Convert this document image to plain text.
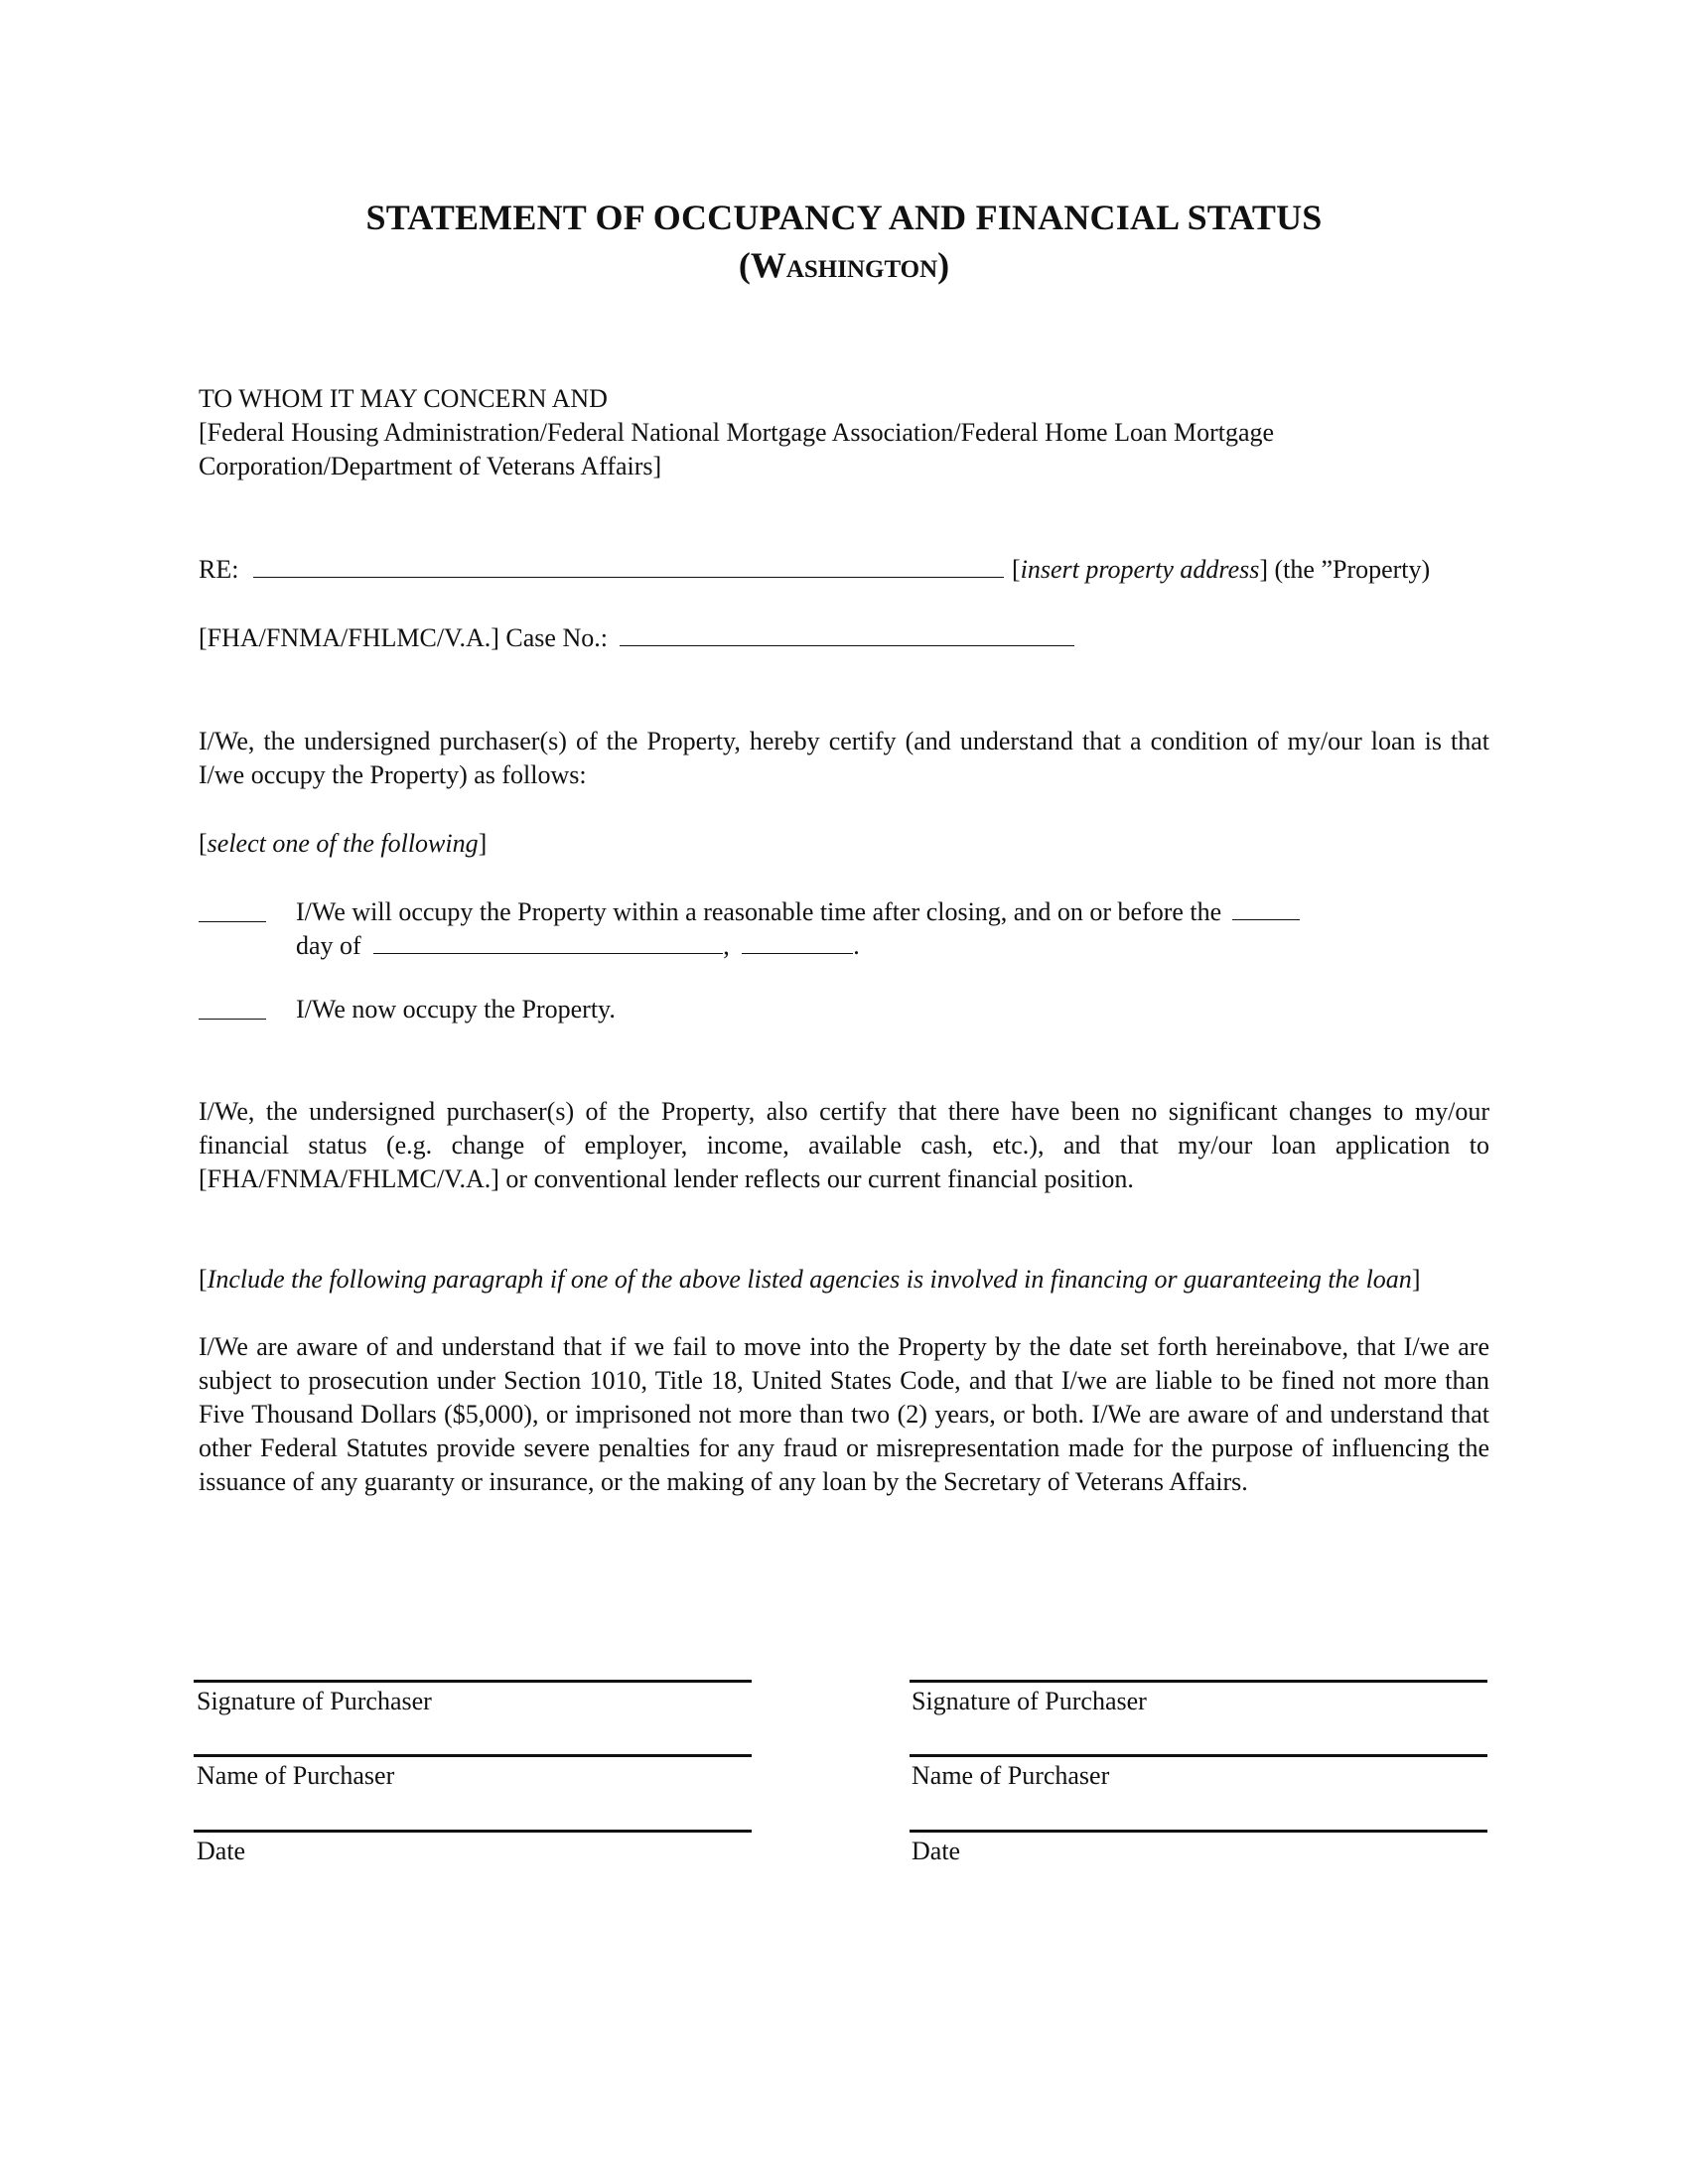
STATEMENT OF OCCUPANCY AND FINANCIAL STATUS
(Washington)
TO WHOM IT MAY CONCERN AND
[Federal Housing Administration/Federal National Mortgage Association/Federal Home Loan Mortgage Corporation/Department of Veterans Affairs]
RE:	[insert property address] (the ”Property)
[FHA/FNMA/FHLMC/V.A.] Case No.:
I/We, the undersigned purchaser(s) of the Property, hereby certify (and understand that a condition of my/our loan is that I/we occupy the Property) as follows:
[select one of the following]
I/We will occupy the Property within a reasonable time after closing, and on or before the
day of	,	.
I/We now occupy the Property.
I/We, the undersigned purchaser(s) of the Property, also certify that there have been no significant changes to my/our financial status (e.g. change of employer, income, available cash, etc.), and that my/our loan application to [FHA/FNMA/FHLMC/V.A.] or conventional lender reflects our current financial position.
[Include the following paragraph if one of the above listed agencies is involved in financing or guaranteeing the loan]
I/We are aware of and understand that if we fail to move into the Property by the date set forth hereinabove, that I/we are subject to prosecution under Section 1010, Title 18, United States Code, and that I/we are liable to be fined not more than Five Thousand Dollars ($5,000), or imprisoned not more than two (2) years, or both. I/We are aware of and understand that other Federal Statutes provide severe penalties for any fraud or misrepresentation made for the purpose of influencing the issuance of any guaranty or insurance, or the making of any loan by the Secretary of Veterans Affairs.
Signature of Purchaser
Name of Purchaser
Date
Signature of Purchaser
Name of Purchaser
Date
